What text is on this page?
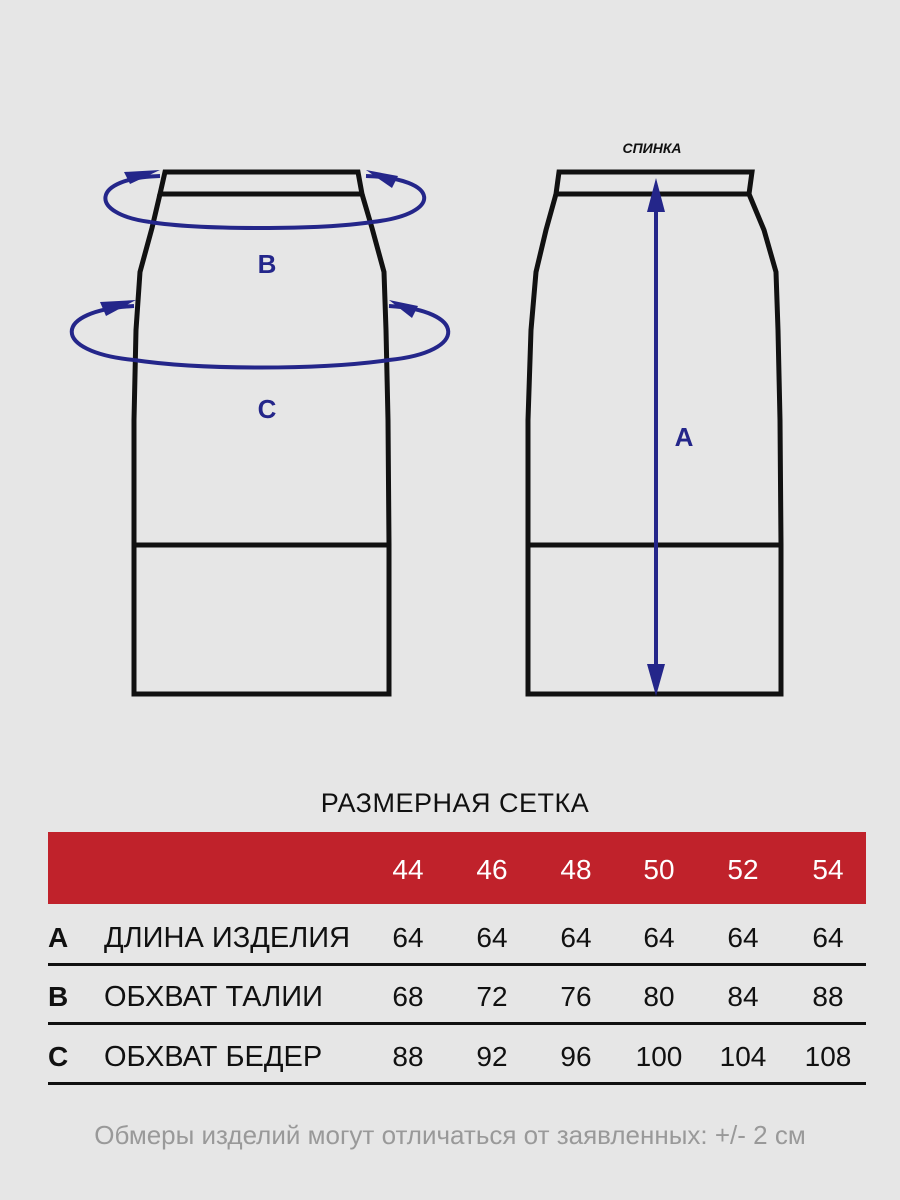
B
C
СПИНКА
A
РАЗМЕРНАЯ СЕТКА
44	46	48	50	52	54
A ДЛИНА ИЗДЕЛИЯ	64	64	64	64	64	64
B ОБХВАТ ТАЛИИ	68	72	76	80	84	88
C ОБХВАТ БЕДЕР	88	92	96	100	104	108
Обмеры изделий могут отличаться от заявленных: +/- 2 см
